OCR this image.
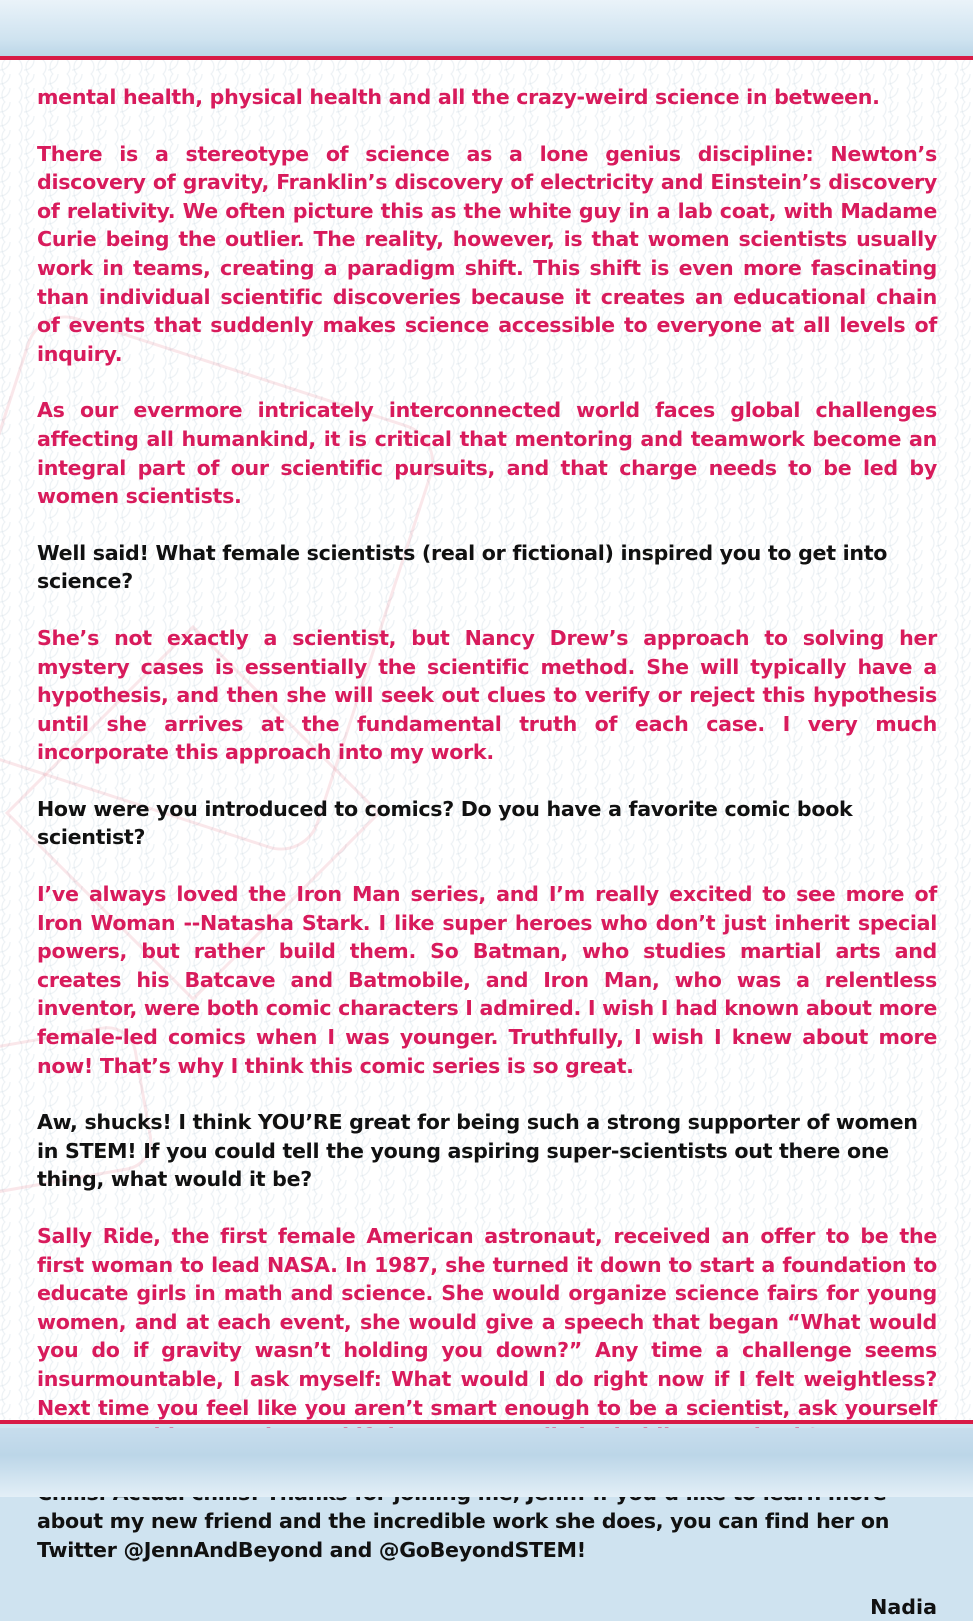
mental health, physical health and all the crazy-weird science in between.

There is a stereotype of science as a lone genius discipline: Newton’s discovery of gravity, Franklin’s discovery of electricity and Einstein’s discovery of relativity. We often picture this as the white guy in a lab coat, with Madame Curie being the outlier. The reality, however, is that women scientists usually work in teams, creating a paradigm shift. This shift is even more fascinating than individual scientific discoveries because it creates an educational chain of events that suddenly makes science accessible to everyone at all levels of inquiry.

As our evermore intricately interconnected world faces global challenges affecting all humankind, it is critical that mentoring and teamwork become an integral part of our scientific pursuits, and that charge needs to be led by women scientists.

Well said! What female scientists (real or fictional) inspired you to get into science?

She’s not exactly a scientist, but Nancy Drew’s approach to solving her mystery cases is essentially the scientific method. She will typically have a hypothesis, and then she will seek out clues to verify or reject this hypothesis until she arrives at the fundamental truth of each case. I very much incorporate this approach into my work.

How were you introduced to comics? Do you have a favorite comic book scientist?

I’ve always loved the Iron Man series, and I’m really excited to see more of Iron Woman --Natasha Stark. I like super heroes who don’t just inherit special powers, but rather build them. So Batman, who studies martial arts and creates his Batcave and Batmobile, and Iron Man, who was a relentless inventor, were both comic characters I admired. I wish I had known about more female-led comics when I was younger. Truthfully, I wish I knew about more now! That’s why I think this comic series is so great.

Aw, shucks! I think YOU’RE great for being such a strong supporter of women in STEM! If you could tell the young aspiring super-scientists out there one thing, what would it be?

Sally Ride, the first female American astronaut, received an offer to be the first woman to lead NASA. In 1987, she turned it down to start a foundation to educate girls in math and science. She would organize science fairs for young women, and at each event, she would give a speech that began “What would you do if gravity wasn’t holding you down?” Any time a challenge seems insurmountable, I ask myself: What would I do right now if I felt weightless? Next time you feel like you aren’t smart enough to be a scientist, ask yourself

about my new friend and the incredible work she does, you can find her on Twitter @JennAndBeyond and @GoBeyondSTEM!

Nadia
